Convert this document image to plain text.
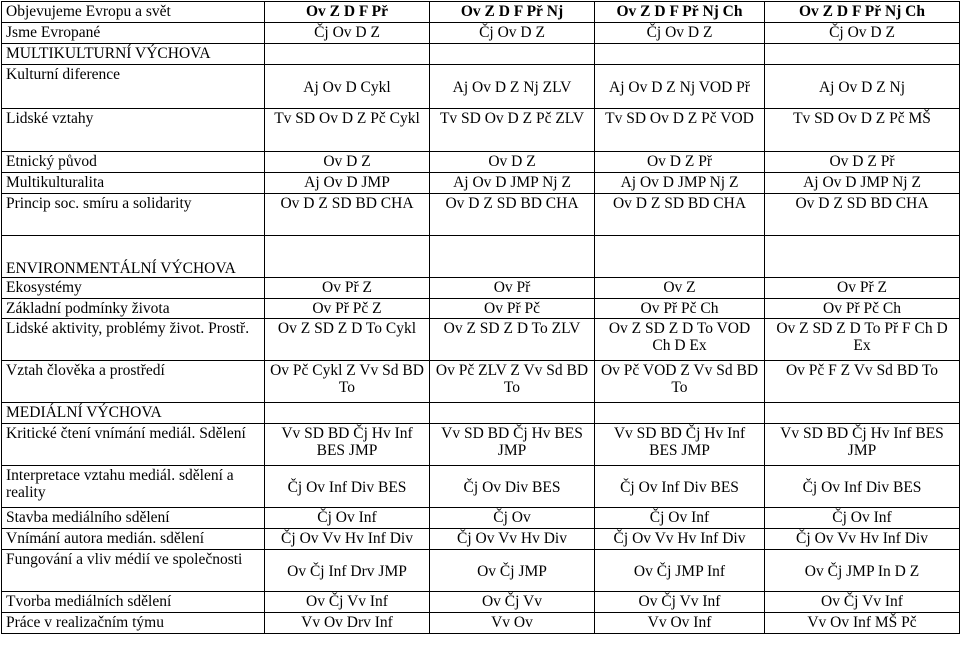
Objevujeme Evropu a svět	Ov Z D F Př	Ov Z D F Př Nj	Ov Z D F Př Nj Ch	Ov Z D F Př Nj Ch
Jsme Evropané	Čj Ov D Z	Čj Ov D Z	Čj Ov D Z	Čj Ov D Z
MULTIKULTURNÍ VÝCHOVA				
Kulturní diference	Aj Ov D Cykl	Aj Ov D Z Nj ZLV	Aj Ov D Z Nj VOD Př	Aj Ov D Z Nj
Lidské vztahy	Tv SD Ov D Z Pč Cykl	Tv SD Ov D Z Pč ZLV	Tv SD Ov D Z Pč VOD	Tv SD Ov D Z Pč MŠ
Etnický původ	Ov D Z	Ov D Z	Ov D Z Př	Ov D Z Př
Multikulturalita	Aj Ov D JMP	Aj Ov D JMP Nj Z	Aj Ov D JMP Nj Z	Aj Ov D JMP Nj Z
Princip soc. smíru a solidarity	Ov D Z SD BD CHA	Ov D Z SD BD CHA	Ov D Z SD BD CHA	Ov D Z SD BD CHA
ENVIRONMENTÁLNÍ VÝCHOVA				
Ekosystémy	Ov Př Z	Ov Př	Ov Z	Ov Př Z
Základní podmínky života	Ov Př Pč Z	Ov Př Pč	Ov Př Pč Ch	Ov Př Pč Ch
Lidské aktivity, problémy život. Prostř.	Ov Z SD Z D To Cykl	Ov Z SD Z D To ZLV	Ov Z SD Z D To VOD Ch D Ex	Ov Z SD Z D To Př F Ch D Ex
Vztah člověka a prostředí	Ov Pč Cykl Z Vv Sd BD To	Ov Pč ZLV Z Vv Sd BD To	Ov Pč VOD Z Vv Sd BD To	Ov Pč F Z Vv Sd BD To
MEDIÁLNÍ VÝCHOVA				
Kritické čtení vnímání mediál. Sdělení	Vv SD BD Čj Hv Inf BES JMP	Vv SD BD Čj Hv BES JMP	Vv SD BD Čj Hv Inf BES JMP	Vv SD BD Čj Hv Inf BES JMP
Interpretace vztahu mediál. sdělení a reality	Čj Ov Inf Div BES	Čj Ov Div BES	Čj Ov Inf Div BES	Čj Ov Inf Div BES
Stavba mediálního sdělení	Čj Ov Inf	Čj Ov	Čj Ov Inf	Čj Ov Inf
Vnímání autora medián. sdělení	Čj Ov Vv Hv Inf Div	Čj Ov Vv Hv Div	Čj Ov Vv Hv Inf Div	Čj Ov Vv Hv Inf Div
Fungování a vliv médií ve společnosti	Ov Čj Inf Drv JMP	Ov Čj JMP	Ov Čj JMP Inf	Ov Čj JMP In D Z
Tvorba mediálních sdělení	Ov Čj Vv Inf	Ov Čj Vv	Ov Čj Vv Inf	Ov Čj Vv Inf
Práce v realizačním týmu	Vv Ov Drv Inf	Vv Ov	Vv Ov Inf	Vv Ov Inf MŠ Pč
